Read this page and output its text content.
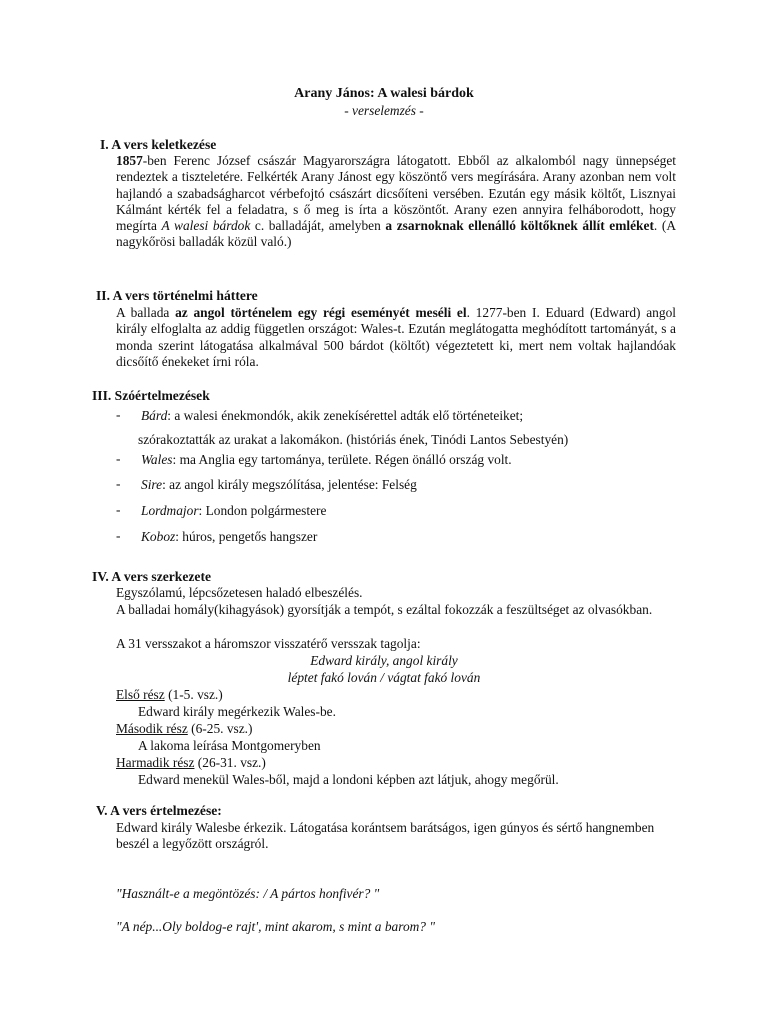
Arany János: A walesi bárdok
- verselemzés -
I. A vers keletkezése
1857-ben Ferenc József császár Magyarországra látogatott. Ebből az alkalomból nagy ünnepséget rendeztek a tiszteletére. Felkérték Arany Jánost egy köszöntő vers megírására. Arany azonban nem volt hajlandó a szabadságharcot vérbefojtó császárt dicsőíteni versében. Ezután egy másik költőt, Lisznyai Kálmánt kérték fel a feladatra, s ő meg is írta a köszöntőt. Arany ezen annyira felháborodott, hogy megírta A walesi bárdok c. balladáját, amelyben a zsarnoknak ellenálló költőknek állít emléket. (A nagykőrösi balladák közül való.)
II. A vers történelmi háttere
A ballada az angol történelem egy régi eseményét meséli el. 1277-ben I. Eduard (Edward) angol király elfoglalta az addig független országot: Wales-t. Ezután meglátogatta meghódított tartományát, s a monda szerint látogatása alkalmával 500 bárdot (költőt) végeztetett ki, mert nem voltak hajlandóak dicsőítő énekeket írni róla.
III. Szóértelmezések
- Bárd: a walesi énekmondók, akik zenekísérettel adták elő történeteiket;
szórakoztatták az urakat a lakomákon. (históriás ének, Tinódi Lantos Sebestyén)
- Wales: ma Anglia egy tartománya, területe. Régen önálló ország volt.
- Sire: az angol király megszólítása, jelentése: Felség
- Lordmajor: London polgármestere
- Koboz: húros, pengetős hangszer
IV. A vers szerkezete
Egyszólamú, lépcsőzetesen haladó elbeszélés.
A balladai homály(kihagyások) gyorsítják a tempót, s ezáltal fokozzák a feszültséget az olvasókban.
A 31 versszakot a háromszor visszatérő versszak tagolja:
Edward király, angol király
léptet fakó lován / vágtat fakó lován
Első rész (1-5. vsz.)
Edward király megérkezik Wales-be.
Második rész (6-25. vsz.)
A lakoma leírása Montgomeryben
Harmadik rész (26-31. vsz.)
Edward menekül Wales-ből, majd a londoni képben azt látjuk, ahogy megőrül.
V. A vers értelmezése:
Edward király Walesbe érkezik. Látogatása korántsem barátságos, igen gúnyos és sértő hangnemben beszél a legyőzött országról.
"Használt-e a megöntözés: / A pártos honfivér? "
"A nép...Oly boldog-e rajt', mint akarom, s mint a barom? "
